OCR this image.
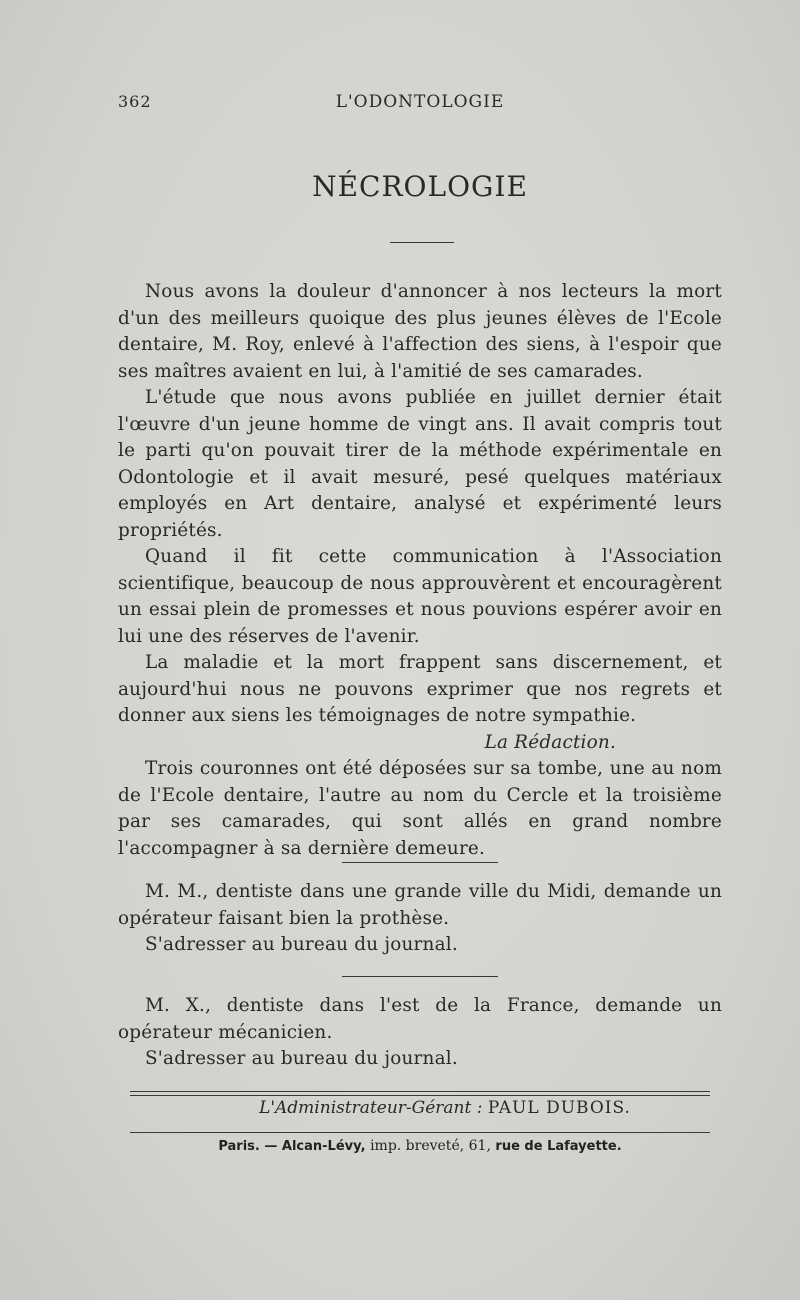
362	L'ODONTOLOGIE
NÉCROLOGIE

Nous avons la douleur d'annoncer à nos lecteurs la mort d'un des meilleurs quoique des plus jeunes élèves de l'Ecole dentaire, M. Roy, enlevé à l'affection des siens, à l'espoir que ses maîtres avaient en lui, à l'amitié de ses camarades.

L'étude que nous avons publiée en juillet dernier était l'œuvre d'un jeune homme de vingt ans. Il avait compris tout le parti qu'on pouvait tirer de la méthode expérimentale en Odontologie et il avait mesuré, pesé quelques matériaux employés en Art dentaire, analysé et expérimenté leurs propriétés.

Quand il fit cette communication à l'Association scientifique, beaucoup de nous approuvèrent et encouragèrent un essai plein de promesses et nous pouvions espérer avoir en lui une des réserves de l'avenir.

La maladie et la mort frappent sans discernement, et aujourd'hui nous ne pouvons exprimer que nos regrets et donner aux siens les témoignages de notre sympathie.

La Rédaction.

Trois couronnes ont été déposées sur sa tombe, une au nom de l'Ecole dentaire, l'autre au nom du Cercle et la troisième par ses camarades, qui sont allés en grand nombre l'accompagner à sa dernière demeure.

M. M., dentiste dans une grande ville du Midi, demande un opérateur faisant bien la prothèse.

S'adresser au bureau du journal.

M. X., dentiste dans l'est de la France, demande un opérateur mécanicien.

S'adresser au bureau du journal.

L'Administrateur-Gérant : PAUL DUBOIS.
Paris. — Alcan-Lévy, imp. breveté, 61, rue de Lafayette.
